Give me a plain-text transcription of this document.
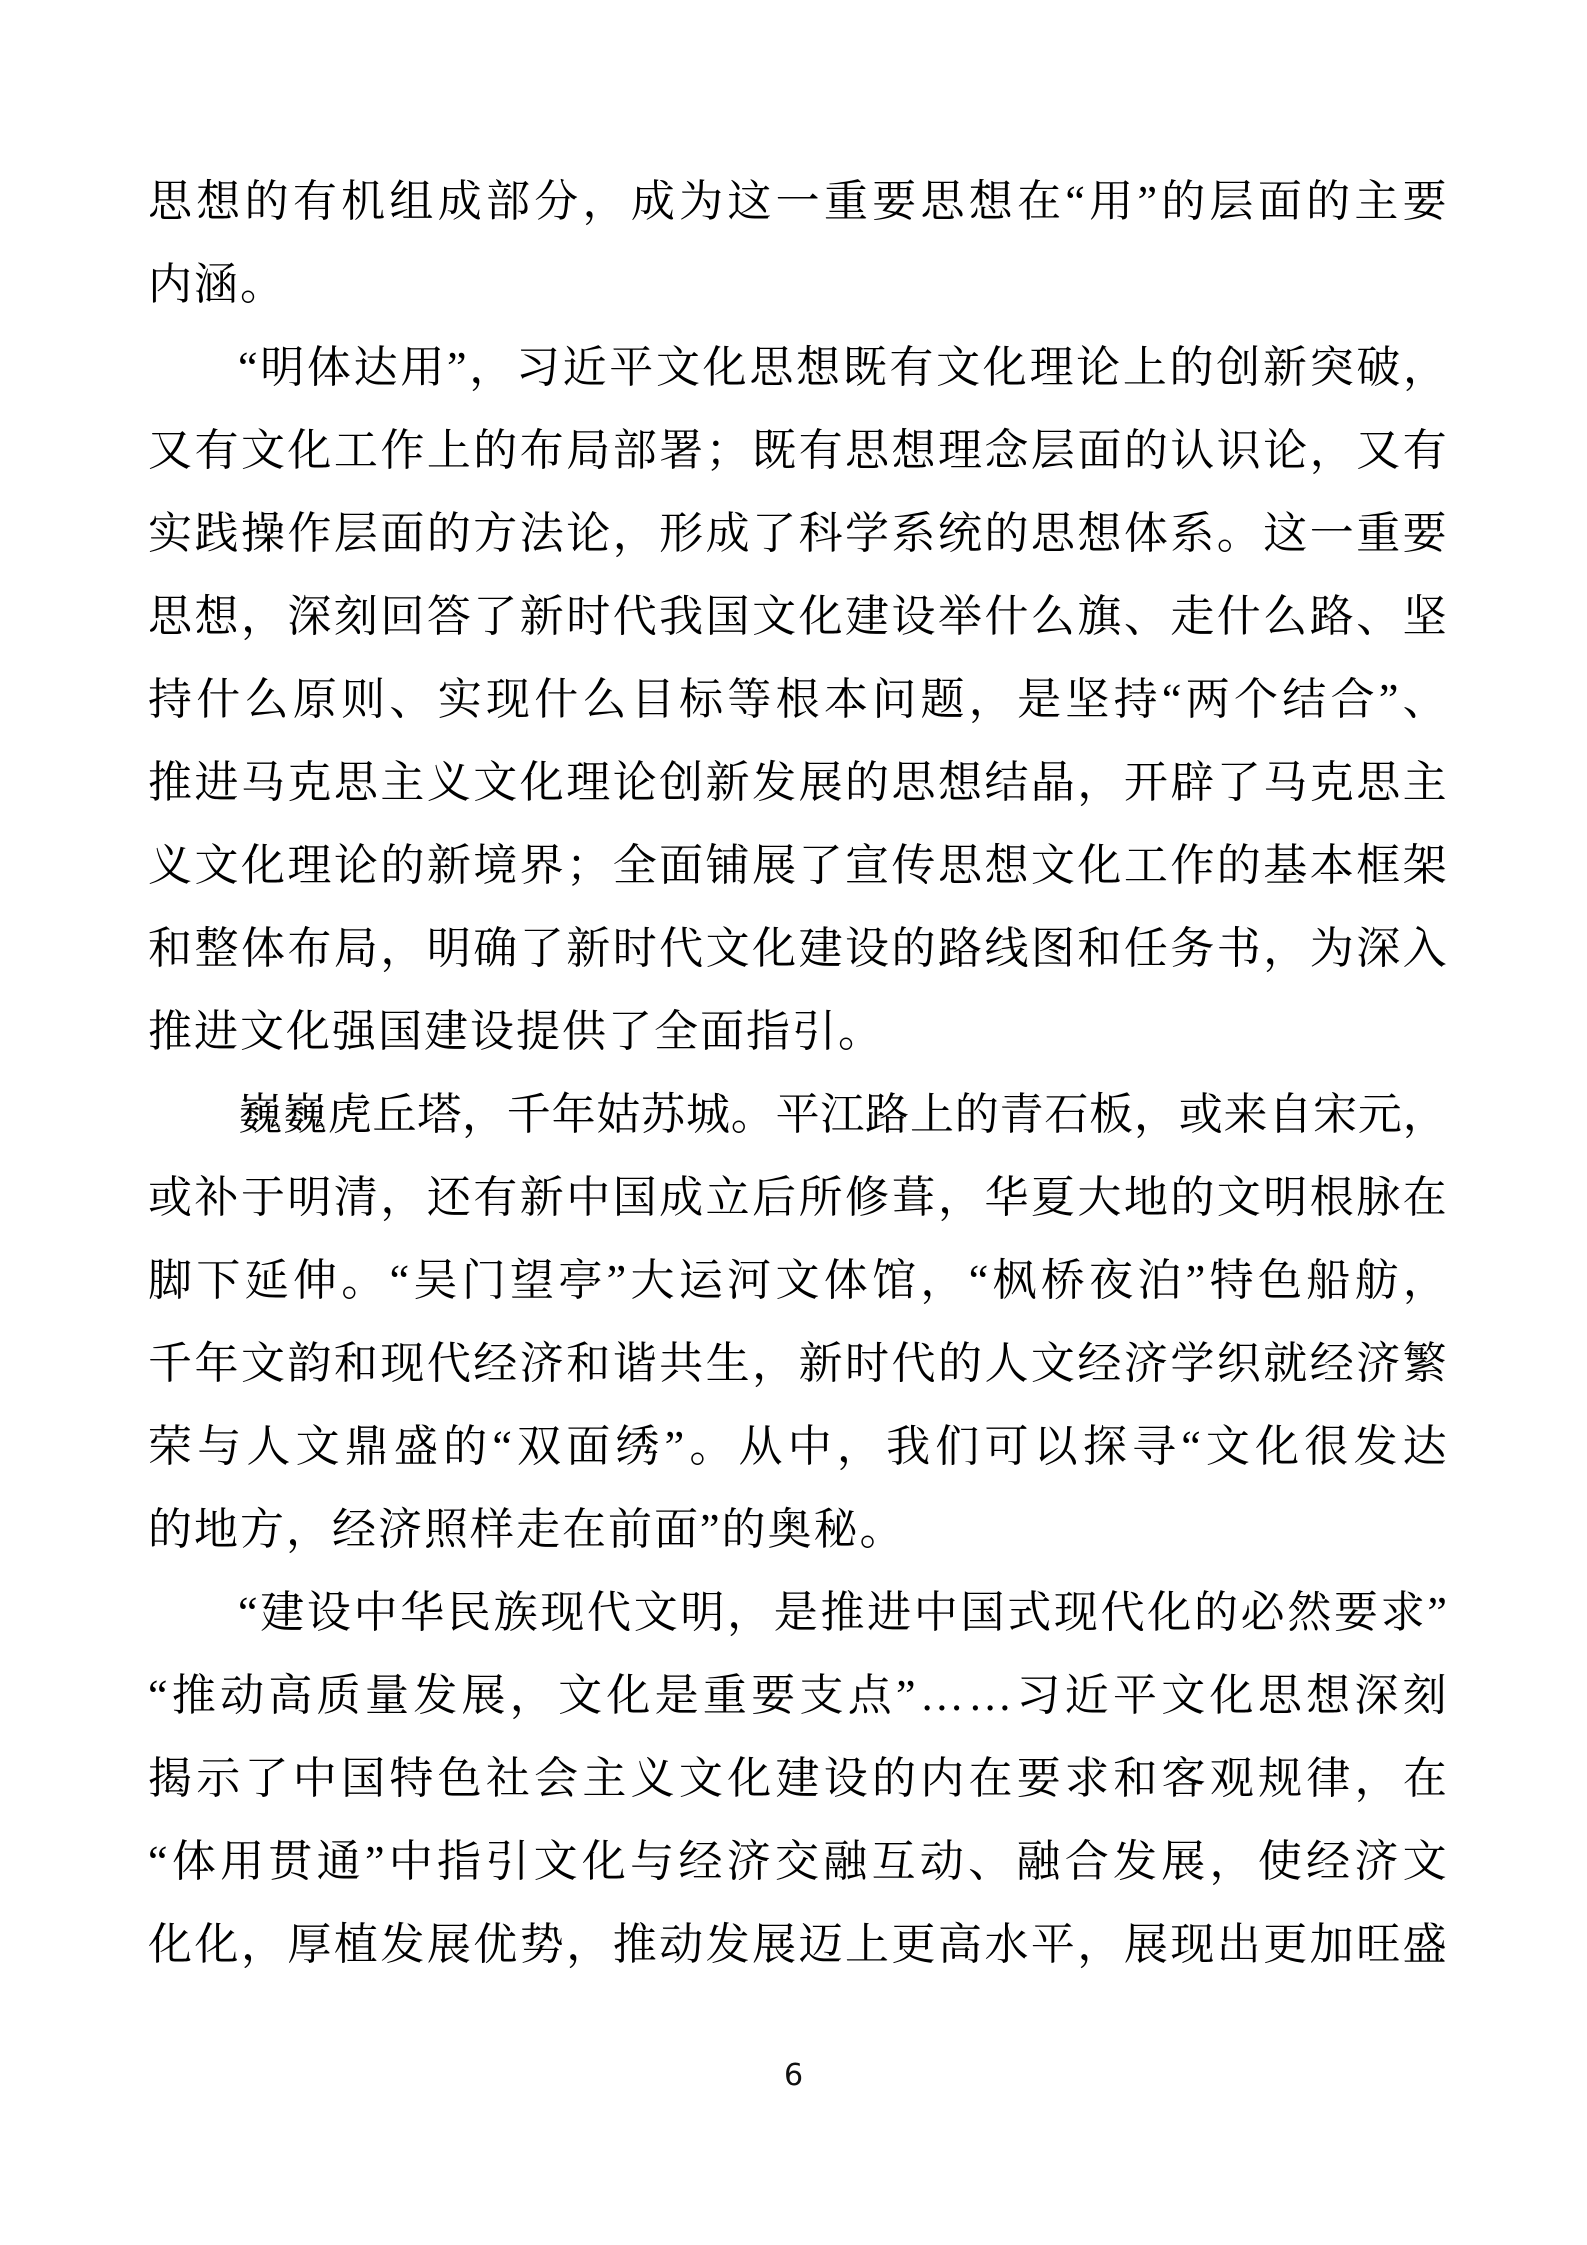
思 想 的 有 机 组 成 部 分 ， 成 为 这 一 重 要 思 想 在 “ 用 ” 的 层 面 的 主 要
内涵。
“ 明 体 达 用 ” ， 习 近 平 文 化 思 想 既 有 文 化 理 论 上 的 创 新 突 破 ，
又 有 文 化 工 作 上 的 布 局 部 署 ； 既 有 思 想 理 念 层 面 的 认 识 论 ， 又 有
实 践 操 作 层 面 的 方 法 论 ， 形 成 了 科 学 系 统 的 思 想 体 系 。 这 一 重 要
思 想 ， 深 刻 回 答 了 新 时 代 我 国 文 化 建 设 举 什 么 旗 、 走 什 么 路 、 坚
持 什 么 原 则 、 实 现 什 么 目 标 等 根 本 问 题 ， 是 坚 持 “ 两 个 结 合 ” 、
推 进 马 克 思 主 义 文 化 理 论 创 新 发 展 的 思 想 结 晶 ， 开 辟 了 马 克 思 主
义 文 化 理 论 的 新 境 界 ； 全 面 铺 展 了 宣 传 思 想 文 化 工 作 的 基 本 框 架
和 整 体 布 局 ， 明 确 了 新 时 代 文 化 建 设 的 路 线 图 和 任 务 书 ， 为 深 入
推进文化强国建设提供了全面指引。
巍 巍 虎 丘 塔 ， 千 年 姑 苏 城 。 平 江 路 上 的 青 石 板 ， 或 来 自 宋 元 ，
或 补 于 明 清 ， 还 有 新 中 国 成 立 后 所 修 葺 ， 华 夏 大 地 的 文 明 根 脉 在
脚 下 延 伸 。 “ 吴 门 望 亭 ” 大 运 河 文 体 馆 ， “ 枫 桥 夜 泊 ” 特 色 船 舫 ，
千 年 文 韵 和 现 代 经 济 和 谐 共 生 ， 新 时 代 的 人 文 经 济 学 织 就 经 济 繁
荣 与 人 文 鼎 盛 的 “ 双 面 绣 ” 。 从 中 ， 我 们 可 以 探 寻 “ 文 化 很 发 达
的地方，经济照样走在前面”的奥秘。
“ 建 设 中 华 民 族 现 代 文 明 ， 是 推 进 中 国 式 现 代 化 的 必 然 要 求 ”
“ 推 动 高 质 量 发 展 ， 文 化 是 重 要 支 点 ” … … 习 近 平 文 化 思 想 深 刻
揭 示 了 中 国 特 色 社 会 主 义 文 化 建 设 的 内 在 要 求 和 客 观 规 律 ， 在
“ 体 用 贯 通 ” 中 指 引 文 化 与 经 济 交 融 互 动 、 融 合 发 展 ， 使 经 济 文
化 化 ， 厚 植 发 展 优 势 ， 推 动 发 展 迈 上 更 高 水 平 ， 展 现 出 更 加 旺 盛
6
